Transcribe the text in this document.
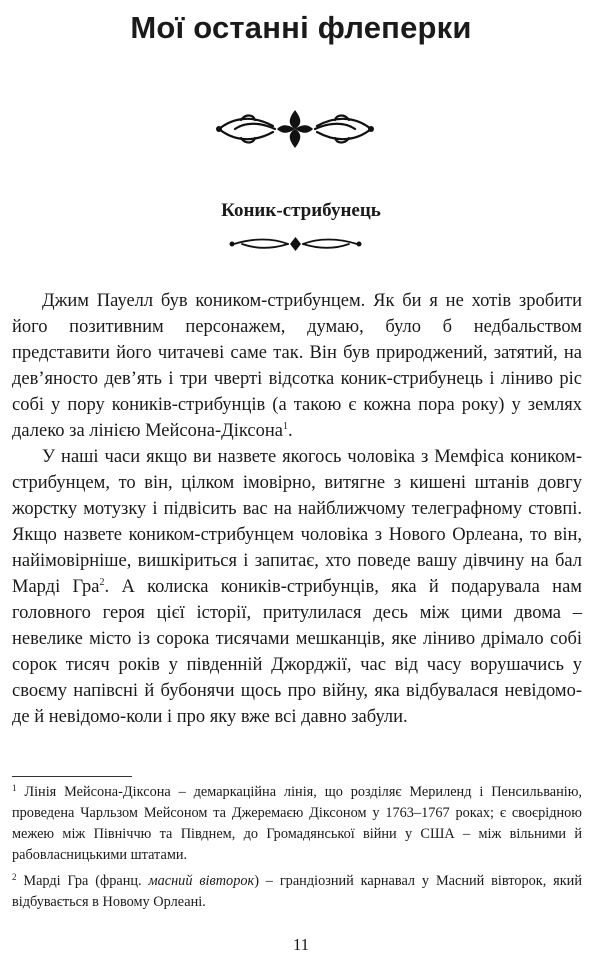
Мої останні флеперки
Коник-стрибунець

Джим Пауелл був коником-стрибунцем. Як би я не хотів зробити його позитивним персонажем, думаю, було б недбальством представити його читачеві саме так. Він був природжений, затятий, на дев’яносто дев’ять і три чверті відсотка коник-стрибунець і ліниво ріс собі у пору коників-стрибунців (а такою є кожна пора року) у землях далеко за лінією Мейсона-Діксона$^1$.

У наші часи якщо ви назвете якогось чоловіка з Мемфіса коником-стрибунцем, то він, цілком імовірно, витягне з кишені штанів довгу жорстку мотузку і підвісить вас на найближчому телеграфному стовпі. Якщо назвете коником-стрибунцем чоловіка з Нового Орлеана, то він, найімовірніше, вишкіриться і запитає, хто поведе вашу дівчину на бал Марді Гра$^2$. А колиска коників-стрибунців, яка й подарувала нам головного героя цієї історії, притулилася десь між цими двома – невелике місто із сорока тисячами мешканців, яке ліниво дрімало собі сорок тисяч років у південній Джорджії, час від часу ворушачись у своєму напівсні й бубонячи щось про війну, яка відбувалася невідомо-де й невідомо-коли і про яку вже всі давно забули.

$^1$ Лінія Мейсона-Діксона – демаркаційна лінія, що розділяє Мериленд і Пенсильванію, проведена Чарльзом Мейсоном та Джеремаєю Діксоном у 1763–1767 роках; є своєрідною межею між Північчю та Півднем, до Громадянської війни у США – між вільними й рабовласницькими штатами.

$^2$ Марді Гра (франц. масний вівторок) – грандіозний карнавал у Масний вівторок, який відбувається в Новому Орлеані.

11
